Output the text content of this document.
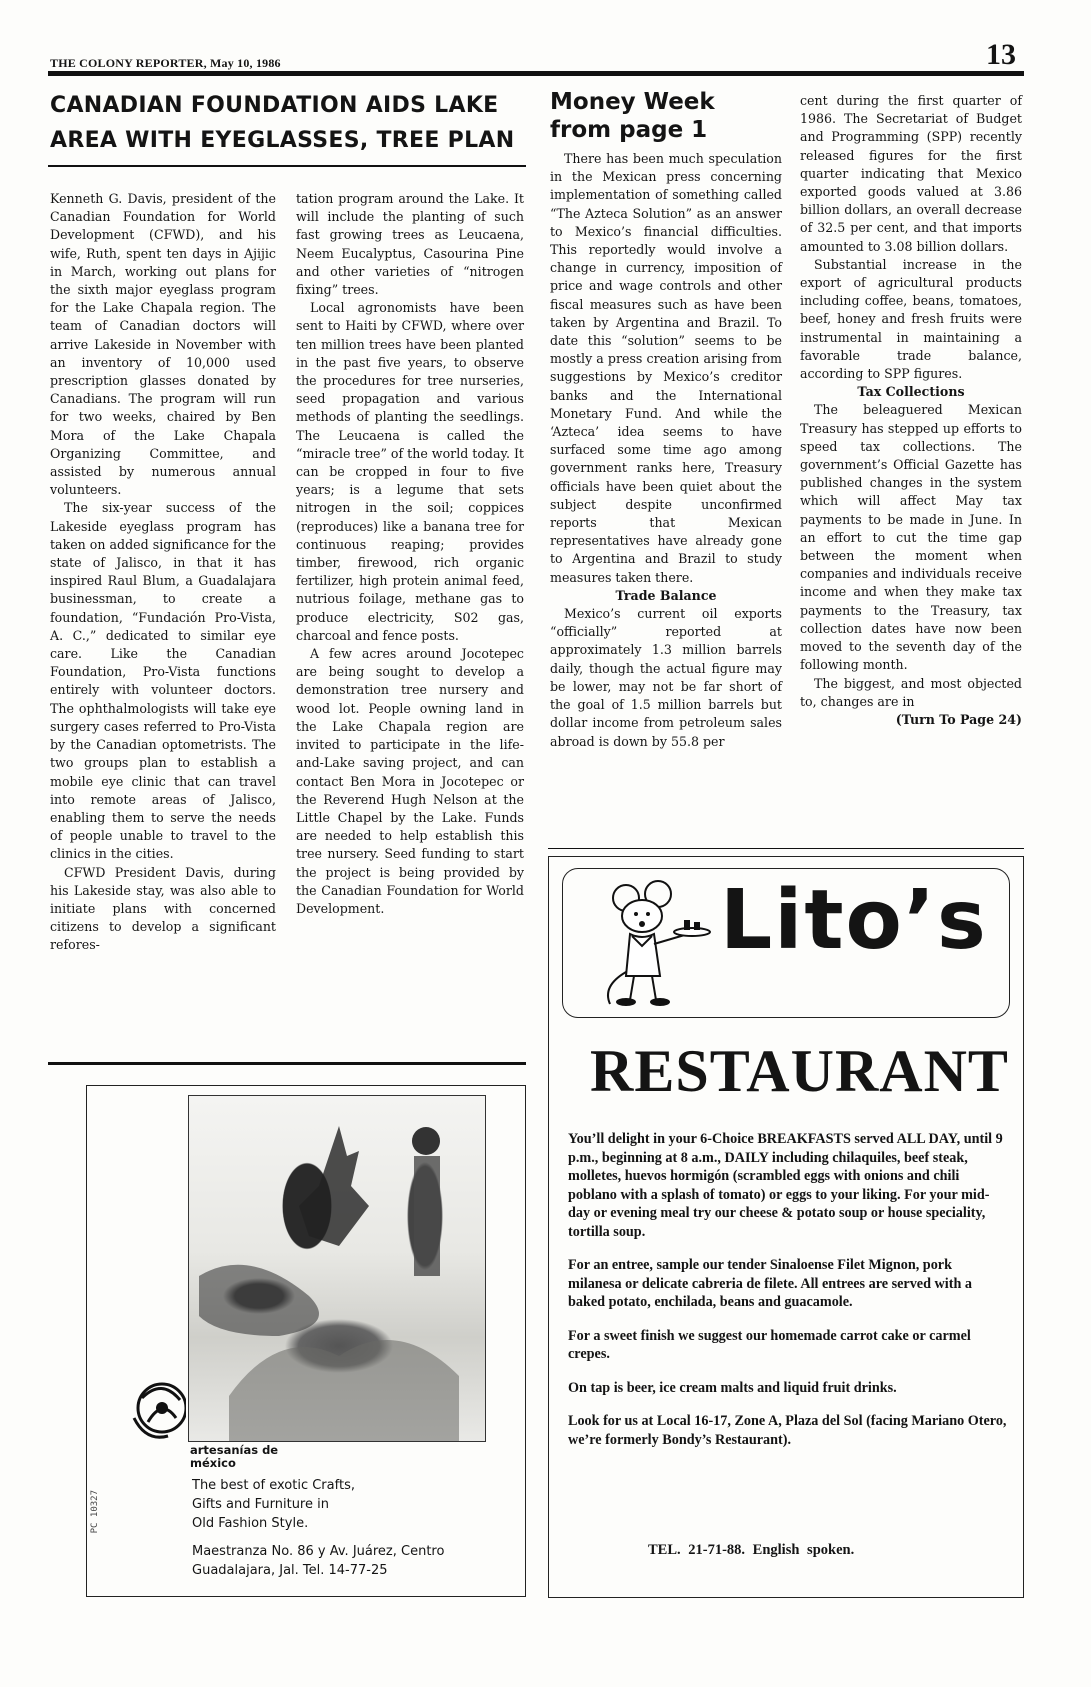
THE COLONY REPORTER, May 10, 1986	13
CANADIAN FOUNDATION AIDS LAKE AREA WITH EYEGLASSES, TREE PLAN

Kenneth G. Davis, president of the Canadian Foundation for World Development (CFWD), and his wife, Ruth, spent ten days in Ajijic in March, working out plans for the sixth major eyeglass program for the Lake Chapala region. The team of Canadian doctors will arrive Lakeside in November with an inventory of 10,000 used prescription glasses donated by Canadians. The program will run for two weeks, chaired by Ben Mora of the Lake Chapala Organizing Committee, and assisted by numerous annual volunteers.

The six-year success of the Lakeside eyeglass program has taken on added significance for the state of Jalisco, in that it has inspired Raul Blum, a Guadalajara businessman, to create a foundation, “Fundación Pro-Vista, A. C.,” dedicated to similar eye care. Like the Canadian Foundation, Pro-Vista functions entirely with volunteer doctors. The ophthalmologists will take eye surgery cases referred to Pro-Vista by the Canadian optometrists. The two groups plan to establish a mobile eye clinic that can travel into remote areas of Jalisco, enabling them to serve the needs of people unable to travel to the clinics in the cities.

CFWD President Davis, during his Lakeside stay, was also able to initiate plans with concerned citizens to develop a significant refores-

tation program around the Lake. It will include the planting of such fast growing trees as Leucaena, Neem Eucalyptus, Casourina Pine and other varieties of “nitrogen fixing” trees.

Local agronomists have been sent to Haiti by CFWD, where over ten million trees have been planted in the past five years, to observe the procedures for tree nurseries, seed propagation and various methods of planting the seedlings. The Leucaena is called the “miracle tree” of the world today. It can be cropped in four to five years; is a legume that sets nitrogen in the soil; coppices (reproduces) like a banana tree for continuous reaping; provides timber, firewood, rich organic fertilizer, high protein animal feed, nutrious foilage, methane gas to produce electricity, S02 gas, charcoal and fence posts.

A few acres around Jocotepec are being sought to develop a demonstration tree nursery and wood lot. People owning land in the Lake Chapala region are invited to participate in the life-and-Lake saving project, and can contact Ben Mora in Jocotepec or the Reverend Hugh Nelson at the Little Chapel by the Lake. Funds are needed to help establish this tree nursery. Seed funding to start the project is being provided by the Canadian Foundation for World Development.

Money Week
from page 1

There has been much speculation in the Mexican press concerning implementation of something called “The Azteca Solution” as an answer to Mexico’s financial difficulties. This reportedly would involve a change in currency, imposition of price and wage controls and other fiscal measures such as have been taken by Argentina and Brazil. To date this “solution” seems to be mostly a press creation arising from suggestions by Mexico’s creditor banks and the International Monetary Fund. And while the ‘Azteca’ idea seems to have surfaced some time ago among government ranks here, Treasury officials have been quiet about the subject despite unconfirmed reports that Mexican representatives have already gone to Argentina and Brazil to study measures taken there.

Trade Balance

Mexico’s current oil exports “officially” reported at approximately 1.3 million barrels daily, though the actual figure may be lower, may not be far short of the goal of 1.5 million barrels but dollar income from petroleum sales abroad is down by 55.8 per

cent during the first quarter of 1986. The Secretariat of Budget and Programming (SPP) recently released figures for the first quarter indicating that Mexico exported goods valued at 3.86 billion dollars, an overall decrease of 32.5 per cent, and that imports amounted to 3.08 billion dollars.

Substantial increase in the export of agricultural products including coffee, beans, tomatoes, beef, honey and fresh fruits were instrumental in maintaining a favorable trade balance, according to SPP figures.

Tax Collections

The beleaguered Mexican Treasury has stepped up efforts to speed tax collections. The government’s Official Gazette has published changes in the system which will affect May tax payments to be made in June. In an effort to cut the time gap between the moment when companies and individuals receive income and when they make tax payments to the Treasury, tax collection dates have now been moved to the seventh day of the following month.

The biggest, and most objected to, changes are in

(Turn To Page 24)

artesanías de
méxico
The best of exotic Crafts,
Gifts and Furniture in
Old Fashion Style.
Maestranza No. 86 y Av. Juárez, Centro
Guadalajara, Jal. Tel. 14-77-25
PC 10327
Lito’s
RESTAURANT

You’ll delight in your 6-Choice BREAKFASTS served ALL DAY, until 9 p.m., beginning at 8 a.m., DAILY including chilaquiles, beef steak, molletes, huevos hormigón (scrambled eggs with onions and chili poblano with a splash of tomato) or eggs to your liking. For your mid-day or evening meal try our cheese & potato soup or house speciality, tortilla soup.

For an entree, sample our tender Sinaloense Filet Mignon, pork milanesa or delicate cabreria de filete. All entrees are served with a baked potato, enchilada, beans and guacamole.

For a sweet finish we suggest our homemade carrot cake or carmel crepes.

On tap is beer, ice cream malts and liquid fruit drinks.

Look for us at Local 16-17, Zone A, Plaza del Sol (facing Mariano Otero, we’re formerly Bondy’s Restaurant).

TEL. 21-71-88. English spoken.
